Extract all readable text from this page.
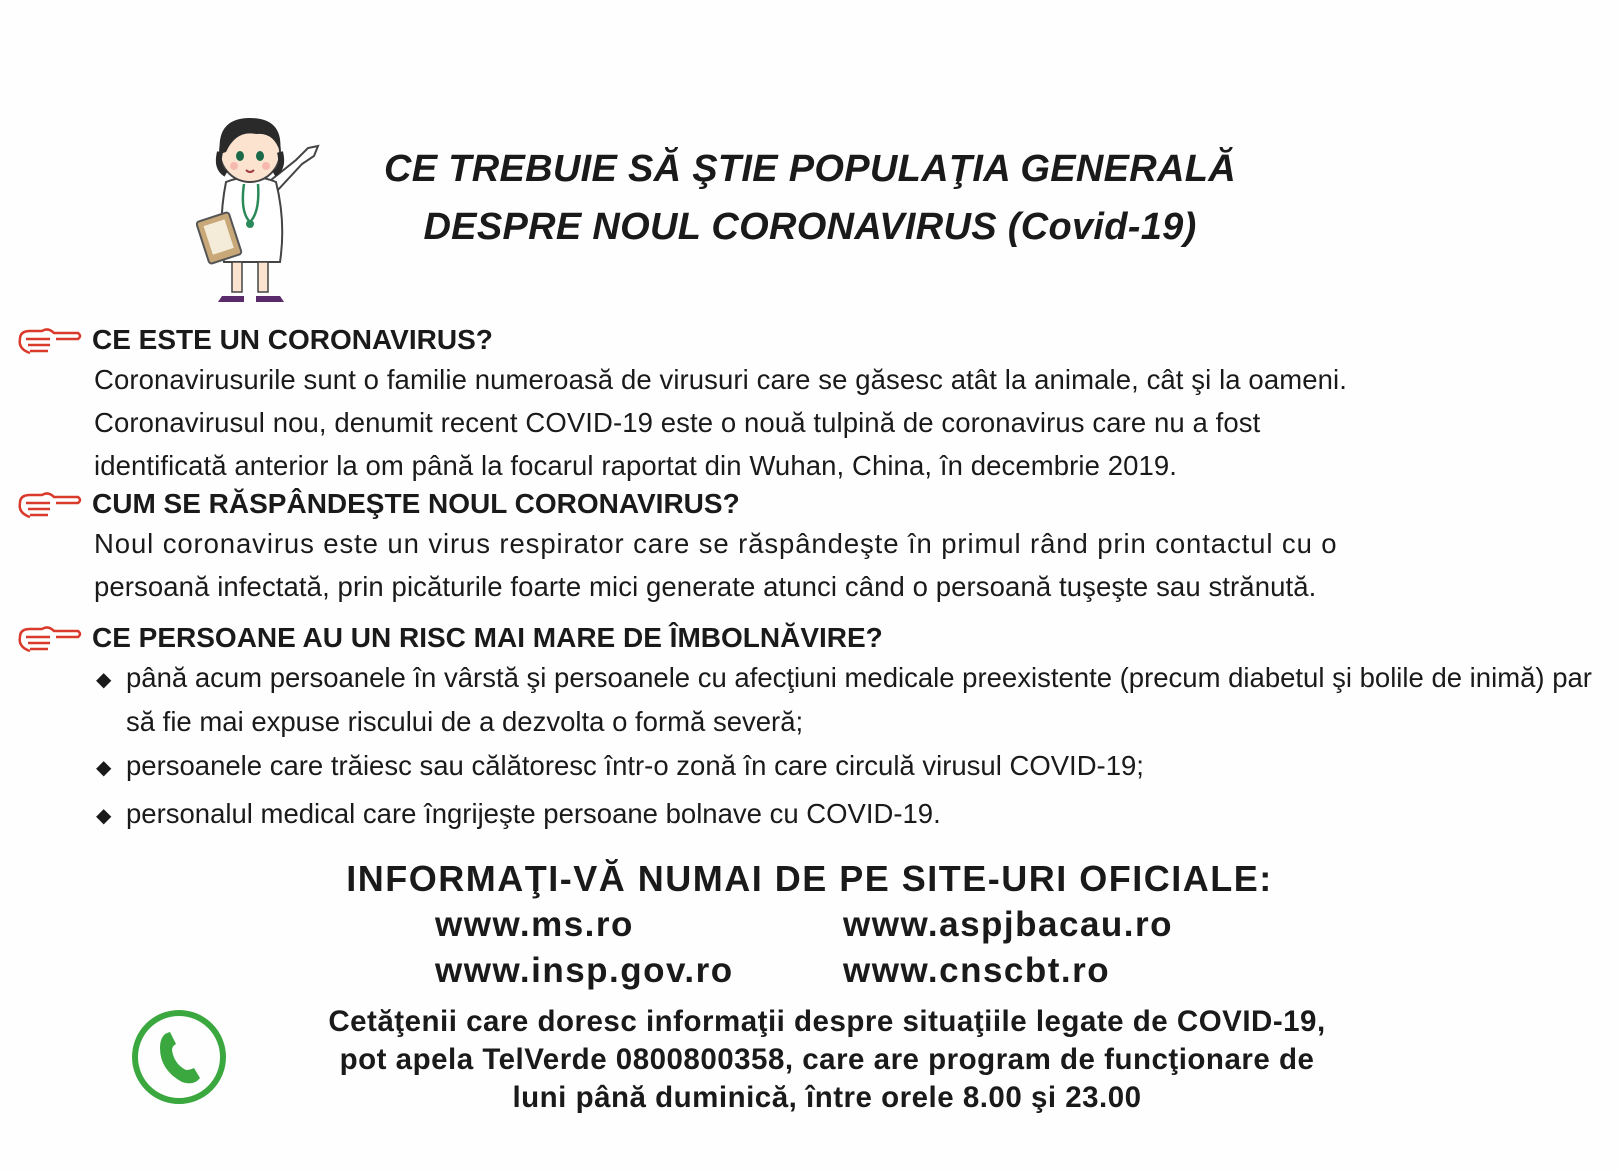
CE TREBUIE SĂ ŞTIE POPULAŢIA GENERALĂ
DESPRE NOUL CORONAVIRUS (Covid-19)
CE ESTE UN CORONAVIRUS?
Coronavirusurile sunt o familie numeroasă de virusuri care se găsesc atât la animale, cât şi la oameni.
Coronavirusul nou, denumit recent COVID-19 este o nouă tulpină de coronavirus care nu a fost
identificată anterior la om până la focarul raportat din Wuhan, China, în decembrie 2019.
CUM SE RĂSPÂNDEŞTE NOUL CORONAVIRUS?
Noul coronavirus este un virus respirator care se răspândeşte în primul rând prin contactul cu o
persoană infectată, prin picăturile foarte mici generate atunci când o persoană tuşeşte sau strănută.
CE PERSOANE AU UN RISC MAI MARE DE ÎMBOLNĂVIRE?
◆ până acum persoanele în vârstă şi persoanele cu afecţiuni medicale preexistente (precum diabetul şi bolile de inimă) par să fie mai expuse riscului de a dezvolta o formă severă;
◆ persoanele care trăiesc sau călătoresc într-o zonă în care circulă virusul COVID-19;
◆ personalul medical care îngrijeşte persoane bolnave cu COVID-19.
INFORMAŢI-VĂ NUMAI DE PE SITE-URI OFICIALE:
www.ms.ro	www.aspjbacau.ro
www.insp.gov.ro	www.cnscbt.ro
Cetăţenii care doresc informaţii despre situaţiile legate de COVID-19,
pot apela TelVerde 0800800358, care are program de funcţionare de
luni până duminică, între orele 8.00 şi 23.00
